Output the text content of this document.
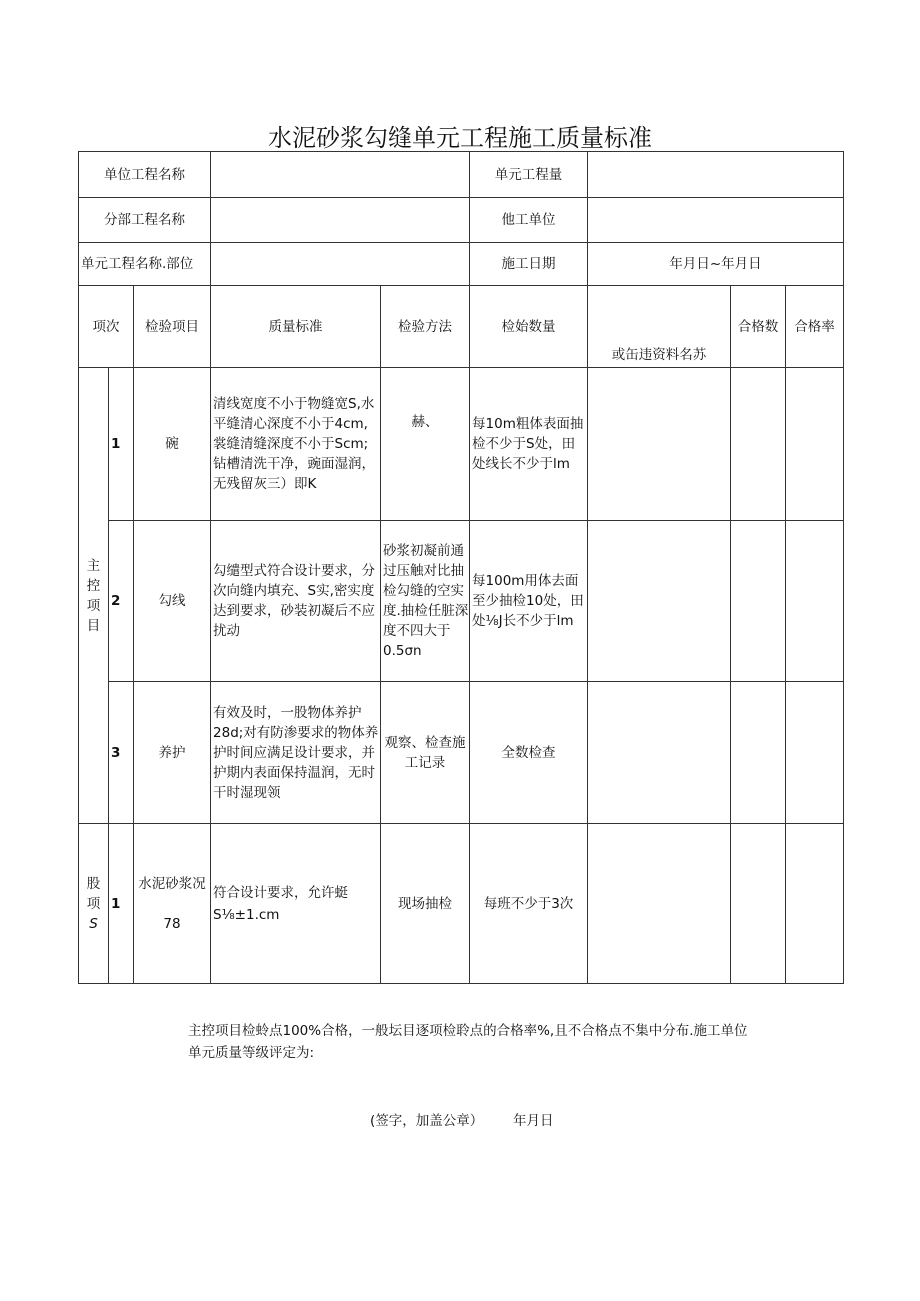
水泥砂浆勾缝单元工程施工质量标准
单位工程名称					单元工程量			
分部工程名称					他工单位			
单元工程名称.部位					施工日期	年月日~年月日		
项次		检验项目	质量标准	检验方法	检始数量	或缶违资料名苏	合格数	合格率

主
控
项
目	1	碗	清线宽度不小于物缝宽S,水平缝清心深度不小于4cm,裳缝清缝深度不小于Scm;钻槽清洗干净，豌面湿润，无残留灰三）即K	赫、	每10m粗体表面抽检不少于S处，田处线长不少于lm			
	2	勾线	勾缱型式符合设计要求，分次向缝内填充、S实,密实度达到要求，砂装初凝后不应扰动	砂浆初凝前通过压触对比抽检勾缝的空实度.抽检任脏深度不四大于0.5σn	每100m用体去面至少抽检10处，田处⅛J长不少于lm			
	3	养护	有效及时，一股物体养护28d;对有防渗要求的物体养护时间应满足设计要求，并护期内表面保持温润，无时干时湿现领	观察、检查施工记录	全数检查			

股
项
S	1	水泥砂浆况78	符合设计要求，允许蜓S⅛±1.cm	现场抽检	每班不少于3次			
主控项目检蛉点100%合格，一般坛目逐项检聆点的合格率%,且不合格点不集中分布.施工单位
单元质量等级评定为:
(签字，加盖公章） 年月日
